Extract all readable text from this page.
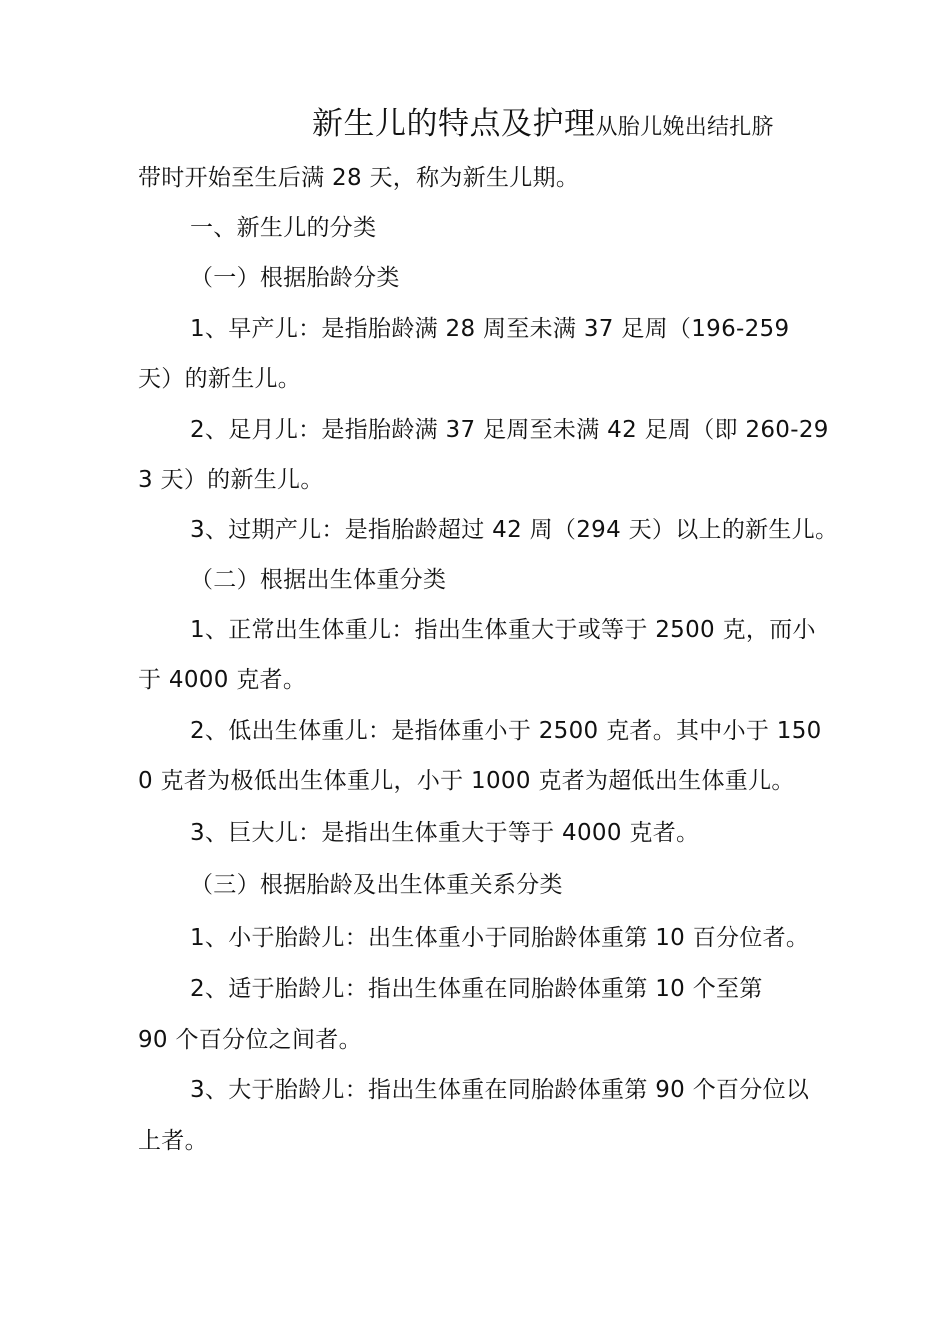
新生儿的特点及护理从胎儿娩出结扎脐
带时开始至生后满 28 天，称为新生儿期。
一、新生儿的分类
（一）根据胎龄分类
1、早产儿：是指胎龄满 28 周至未满 37 足周（196-259
天）的新生儿。
2、足月儿：是指胎龄满 37 足周至未满 42 足周（即 260-29
3 天）的新生儿。
3、过期产儿：是指胎龄超过 42 周（294 天）以上的新生儿。
（二）根据出生体重分类
1、正常出生体重儿：指出生体重大于或等于 2500 克，而小
于 4000 克者。
2、低出生体重儿：是指体重小于 2500 克者。其中小于 150
0 克者为极低出生体重儿，小于 1000 克者为超低出生体重儿。
3、巨大儿：是指出生体重大于等于 4000 克者。
（三）根据胎龄及出生体重关系分类
1、小于胎龄儿：出生体重小于同胎龄体重第 10 百分位者。
2、适于胎龄儿：指出生体重在同胎龄体重第 10 个至第
90 个百分位之间者。
3、大于胎龄儿：指出生体重在同胎龄体重第 90 个百分位以
上者。
